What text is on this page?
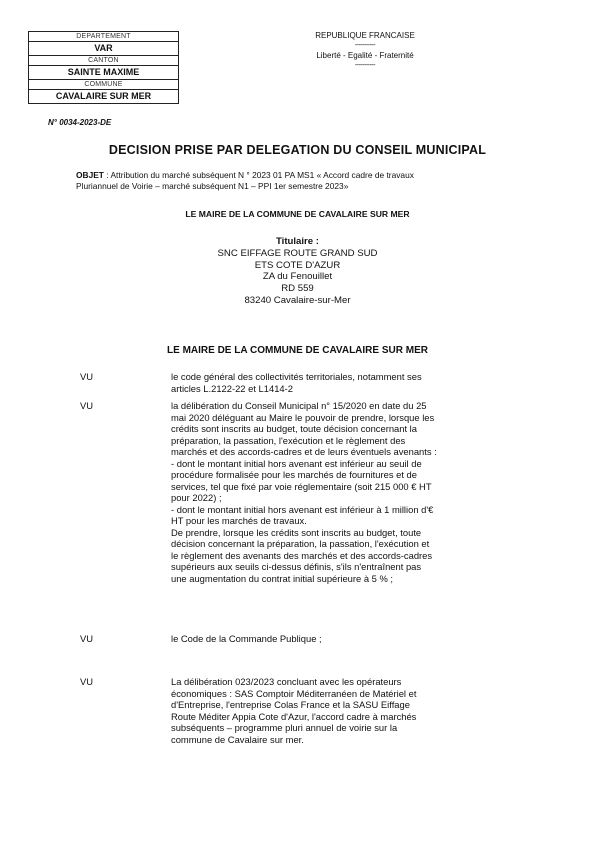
DEPARTEMENT
VAR
CANTON
SAINTE MAXIME
COMMUNE
CAVALAIRE SUR MER
REPUBLIQUE FRANCAISE
-----------
Liberté - Egalité - Fraternité
-----------
N° 0034-2023-DE
DECISION PRISE PAR DELEGATION DU CONSEIL MUNICIPAL
OBJET : Attribution du marché subséquent N ° 2023 01 PA MS1 « Accord cadre de travaux
Pluriannuel de Voirie – marché subséquent N1 – PPI 1er semestre 2023»
LE MAIRE DE LA COMMUNE DE CAVALAIRE SUR MER
Titulaire :
SNC EIFFAGE ROUTE GRAND SUD
ETS COTE D'AZUR
ZA du Fenouillet
RD 559
83240 Cavalaire-sur-Mer
LE MAIRE DE LA COMMUNE DE CAVALAIRE SUR MER
VU	le code général des collectivités territoriales, notamment ses

articles L.2122-22 et L1414-2

VU	la délibération du Conseil Municipal n° 15/2020 en date du 25

mai 2020 déléguant au Maire le pouvoir de prendre, lorsque les

crédits sont inscrits au budget, toute décision concernant la

préparation, la passation, l'exécution et le règlement des

marchés et des accords-cadres et de leurs éventuels avenants :

- dont le montant initial hors avenant est inférieur au seuil de

procédure formalisée pour les marchés de fournitures et de

services, tel que fixé par voie réglementaire (soit 215 000 € HT

pour 2022) ;

- dont le montant initial hors avenant est inférieur à 1 million d'€

HT pour les marchés de travaux.

De prendre, lorsque les crédits sont inscrits au budget, toute

décision concernant la préparation, la passation, l'exécution et

le règlement des avenants des marchés et des accords-cadres

supérieurs aux seuils ci-dessus définis, s'ils n'entraînent pas

une augmentation du contrat initial supérieure à 5 % ;

VU	le Code de la Commande Publique ;

VU	La délibération 023/2023 concluant avec les opérateurs

économiques : SAS Comptoir Méditerranéen de Matériel et

d'Entreprise, l'entreprise Colas France et la SASU Eiffage

Route Méditer Appia Cote d'Azur, l'accord cadre à marchés

subséquents – programme pluri annuel de voirie sur la

commune de Cavalaire sur mer.
